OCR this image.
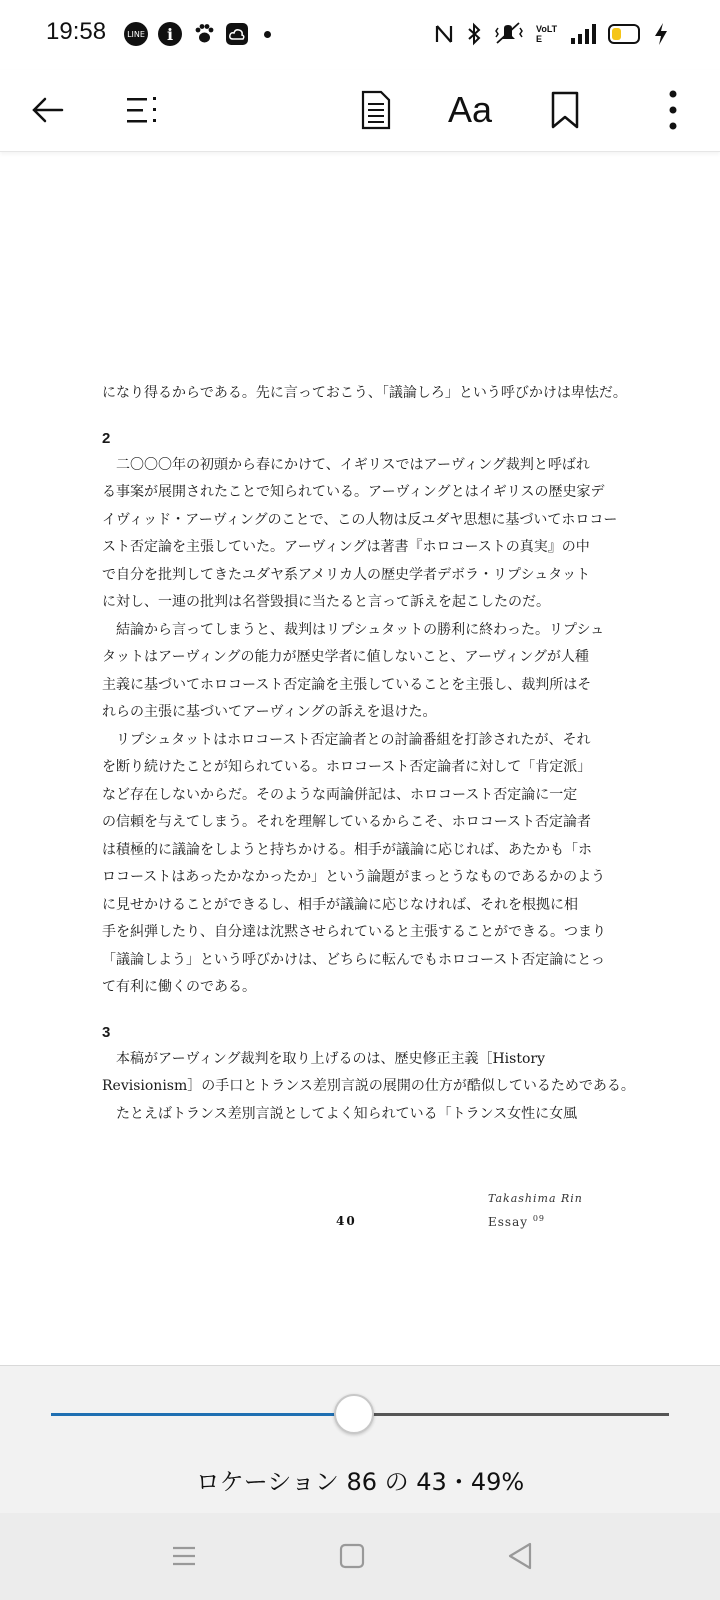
19:58	LINE	i	VoLTE
Aa
になり得るからである。先に言っておこう、「議論しろ」という呼びかけは卑怯だ。
2
二〇〇〇年の初頭から春にかけて、イギリスではアーヴィング裁判と呼ばれ
る事案が展開されたことで知られている。アーヴィングとはイギリスの歴史家デ
イヴィッド・アーヴィングのことで、この人物は反ユダヤ思想に基づいてホロコー
スト否定論を主張していた。アーヴィングは著書『ホロコーストの真実』の中
で自分を批判してきたユダヤ系アメリカ人の歴史学者デボラ・リプシュタット
に対し、一連の批判は名誉毀損に当たると言って訴えを起こしたのだ。
結論から言ってしまうと、裁判はリプシュタットの勝利に終わった。リプシュ
タットはアーヴィングの能力が歴史学者に値しないこと、アーヴィングが人種
主義に基づいてホロコースト否定論を主張していることを主張し、裁判所はそ
れらの主張に基づいてアーヴィングの訴えを退けた。
リプシュタットはホロコースト否定論者との討論番組を打診されたが、それ
を断り続けたことが知られている。ホロコースト否定論者に対して「肯定派」
など存在しないからだ。そのような両論併記は、ホロコースト否定論に一定
の信頼を与えてしまう。それを理解しているからこそ、ホロコースト否定論者
は積極的に議論をしようと持ちかける。相手が議論に応じれば、あたかも「ホ
ロコーストはあったかなかったか」という論題がまっとうなものであるかのよう
に見せかけることができるし、相手が議論に応じなければ、それを根拠に相
手を糾弾したり、自分達は沈黙させられていると主張することができる。つまり
「議論しよう」という呼びかけは、どちらに転んでもホロコースト否定論にとっ
て有利に働くのである。
3
本稿がアーヴィング裁判を取り上げるのは、歴史修正主義［History
Revisionism］の手口とトランス差別言説の展開の仕方が酷似しているためである。
たとえばトランス差別言説としてよく知られている「トランス女性に女風
Takashima Rin
40	Essay $^{09}$
ロケーション 86 の 43・49%
